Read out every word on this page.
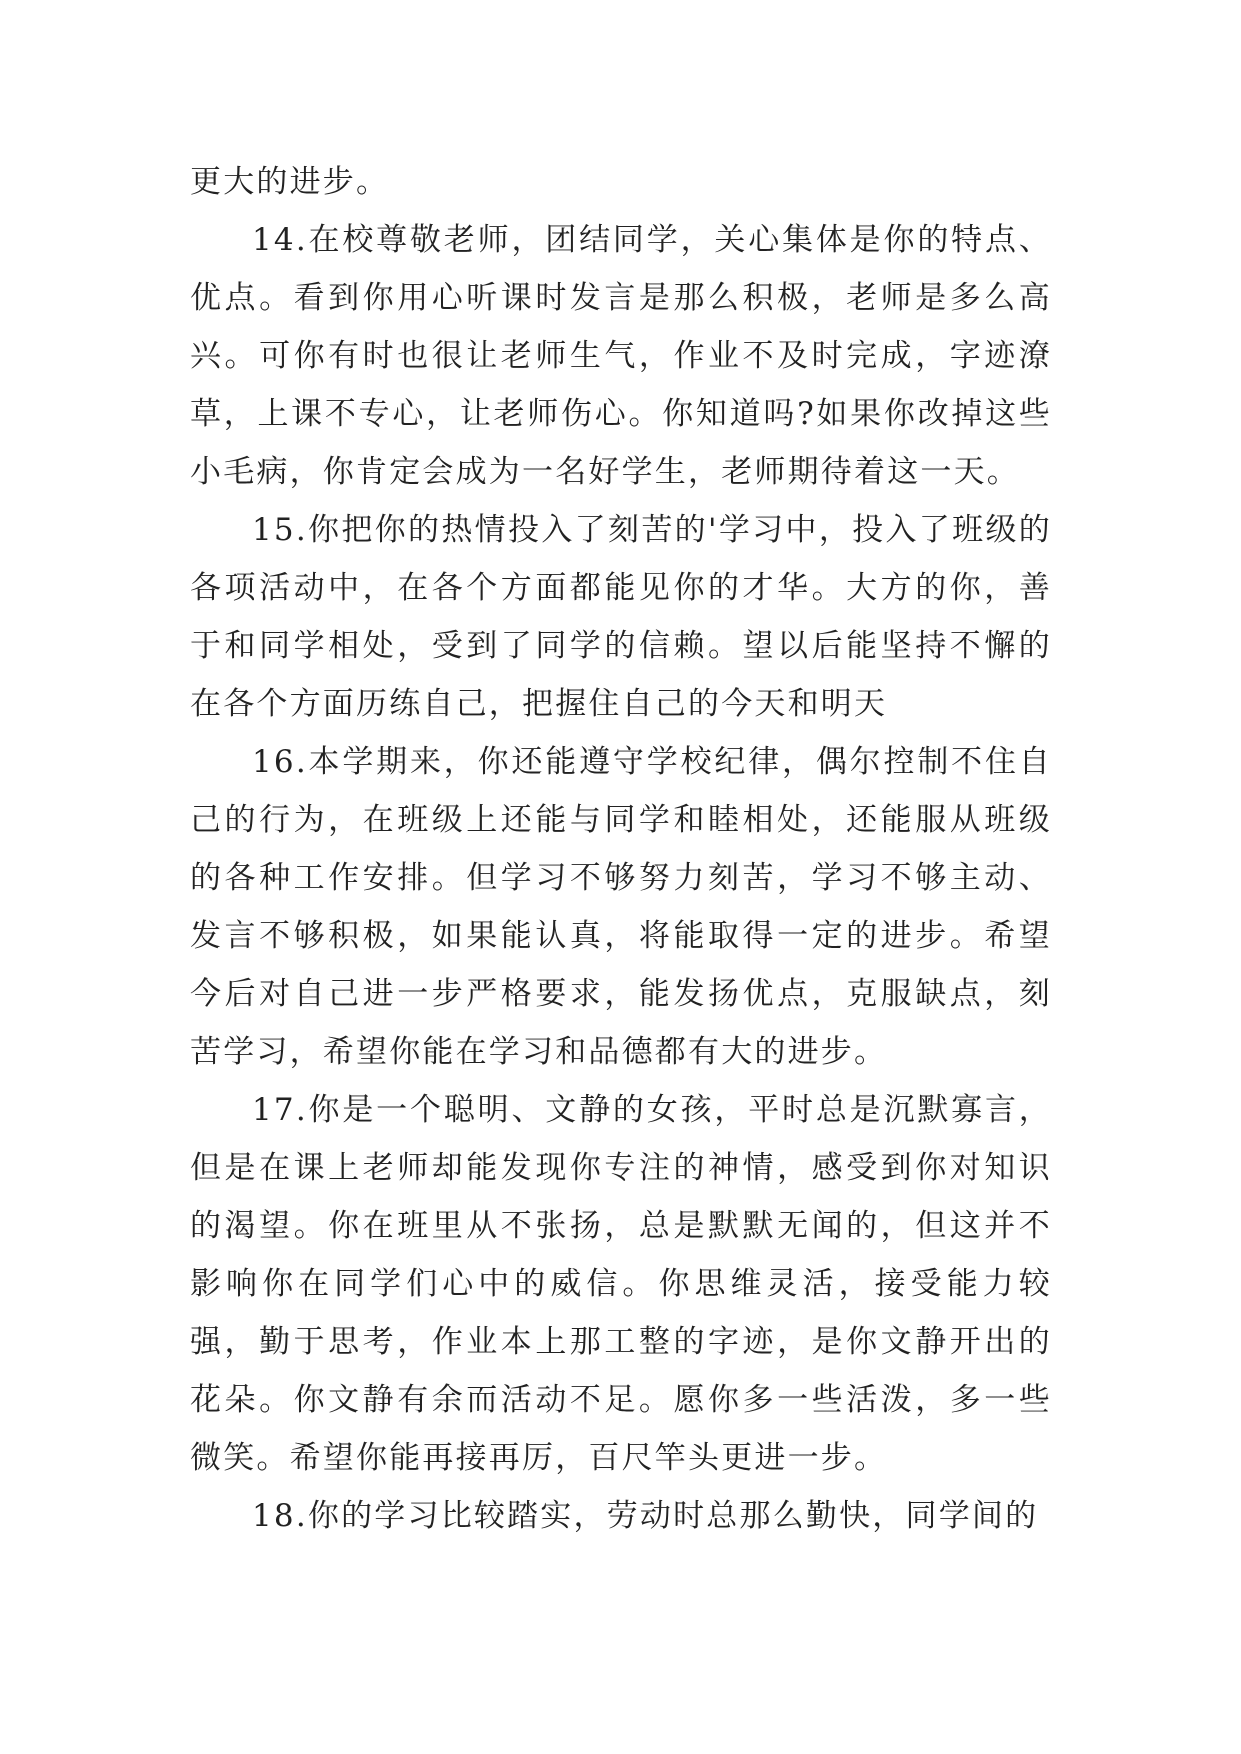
更大的进步。

14.在校尊敬老师，团结同学，关心集体是你的特点、优点。看到你用心听课时发言是那么积极，老师是多么高兴。可你有时也很让老师生气，作业不及时完成，字迹潦草，上课不专心，让老师伤心。你知道吗?如果你改掉这些小毛病，你肯定会成为一名好学生，老师期待着这一天。

15.你把你的热情投入了刻苦的'学习中，投入了班级的各项活动中，在各个方面都能见你的才华。大方的你，善于和同学相处，受到了同学的信赖。望以后能坚持不懈的在各个方面历练自己，把握住自己的今天和明天

16.本学期来，你还能遵守学校纪律，偶尔控制不住自己的行为，在班级上还能与同学和睦相处，还能服从班级的各种工作安排。但学习不够努力刻苦，学习不够主动、发言不够积极，如果能认真，将能取得一定的进步。希望今后对自己进一步严格要求，能发扬优点，克服缺点，刻苦学习，希望你能在学习和品德都有大的进步。

17.你是一个聪明、文静的女孩，平时总是沉默寡言，但是在课上老师却能发现你专注的神情，感受到你对知识的渴望。你在班里从不张扬，总是默默无闻的，但这并不影响你在同学们心中的威信。你思维灵活，接受能力较强，勤于思考，作业本上那工整的字迹，是你文静开出的花朵。你文静有余而活动不足。愿你多一些活泼，多一些微笑。希望你能再接再厉，百尺竿头更进一步。

18.你的学习比较踏实，劳动时总那么勤快，同学间的
